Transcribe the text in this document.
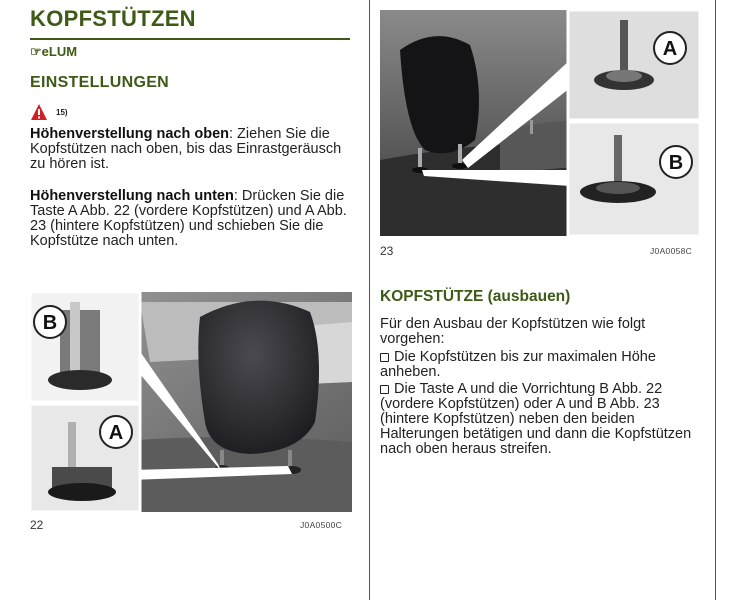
KOPFSTÜTZEN
☞eLUM
EINSTELLUNGEN
15)
Höhenverstellung nach oben: Ziehen Sie die Kopfstützen nach oben, bis das Einrastgeräusch zu hören ist.
Höhenverstellung nach unten: Drücken Sie die Taste A Abb. 22 (vordere Kopfstützen) und A Abb. 23 (hintere Kopfstützen) und schieben Sie die Kopfstütze nach unten.
B
A
22	J0A0500C
A
B
23	J0A0058C
KOPFSTÜTZE (ausbauen)
Für den Ausbau der Kopfstützen wie folgt vorgehen:
Die Kopfstützen bis zur maximalen Höhe anheben.
Die Taste A und die Vorrichtung B Abb. 22 (vordere Kopfstützen) oder A und B Abb. 23 (hintere Kopfstützen) neben den beiden Halterungen betätigen und dann die Kopfstützen nach oben heraus streifen.
